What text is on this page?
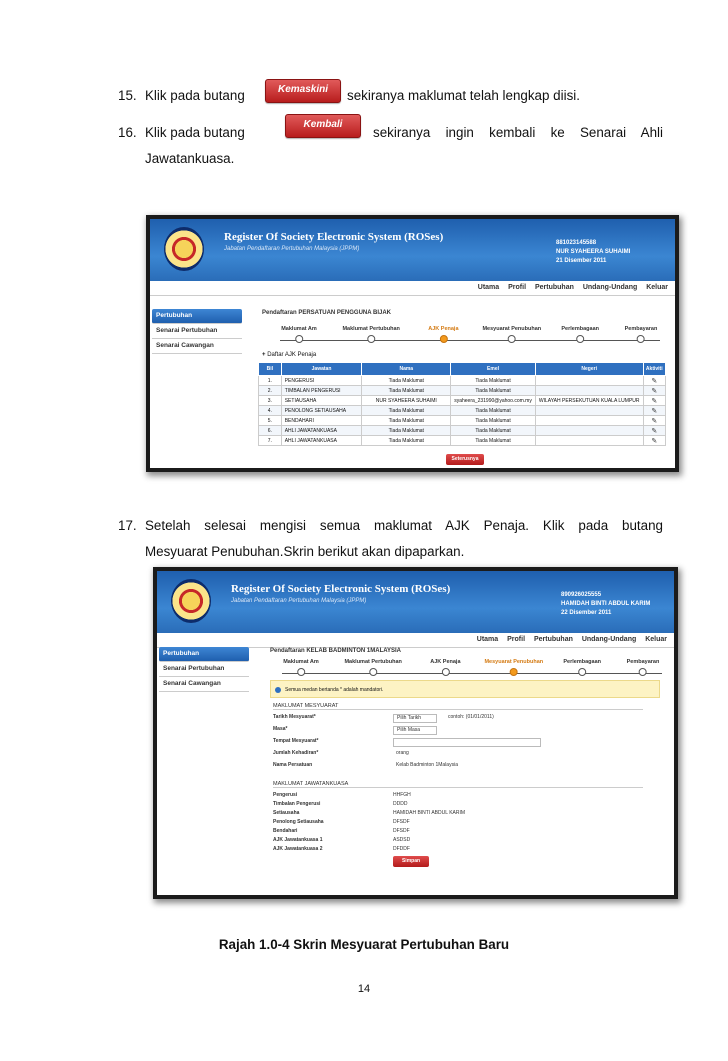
15. Klik pada butang	Kemaskini	sekiranya maklumat telah lengkap diisi.
16. Klik pada butang
Kembali
sekiranya ingin kembali ke Senarai Ahli
Jawatankuasa.
Register Of Society Electronic System (ROSes)
Jabatan Pendaftaran Pertubuhan Malaysia (JPPM)
881023145588
NUR SYAHEERA SUHAIMI
21 Disember 2011
Utama Profil Pertubuhan Undang-Undang Keluar
Pertubuhan
Senarai Pertubuhan
Senarai Cawangan
Pendaftaran PERSATUAN PENGGUNA BIJAK
Maklumat Am	Maklumat Pertubuhan	AJK Penaja	Mesyuarat Penubuhan	Perlembagaan	Pembayaran
+ Daftar AJK Penaja
Bil	Jawatan	Nama	Emel	Negeri	Aktiviti
1.	PENGERUSI	Tiada Maklumat	Tiada Maklumat		✎
2.	TIMBALAN PENGERUSI	Tiada Maklumat	Tiada Maklumat		✎
3.	SETIAUSAHA	NUR SYAHEERA SUHAIMI	syaheera_231990@yahoo.com.my	WILAYAH PERSEKUTUAN KUALA LUMPUR	✎
4.	PENOLONG SETIAUSAHA	Tiada Maklumat	Tiada Maklumat		✎
5.	BENDAHARI	Tiada Maklumat	Tiada Maklumat		✎
6.	AHLI JAWATANKUASA	Tiada Maklumat	Tiada Maklumat		✎
7.	AHLI JAWATANKUASA	Tiada Maklumat	Tiada Maklumat		✎
Seterusnya
17. Setelah selesai mengisi semua maklumat AJK Penaja. Klik pada butang
Mesyuarat Penubuhan.Skrin berikut akan dipaparkan.
Register Of Society Electronic System (ROSes)
Jabatan Pendaftaran Pertubuhan Malaysia (JPPM)
890926025555
HAMIDAH BINTI ABDUL KARIM
22 Disember 2011
Utama Profil Pertubuhan Undang-Undang Keluar
Pertubuhan
Senarai Pertubuhan
Senarai Cawangan
Pendaftaran KELAB BADMINTON 1MALAYSIA
Maklumat Am	Maklumat Pertubuhan	AJK Penaja	Mesyuarat Penubuhan	Perlembagaan	Pembayaran
Semua medan bertanda * adalah mandatori.
MAKLUMAT MESYUARAT
Tarikh Mesyuarat*	Pilih Tarikh	contoh: (01/01/2011)
Masa*	Pilih Masa
Tempat Mesyuarat*
Jumlah Kehadiran*	orang
Nama Persatuan	Kelab Badminton 1Malaysia
MAKLUMAT JAWATANKUASA
Pengerusi	HHFGH
Timbalan Pengerusi	DDDD
Setiausaha	HAMIDAH BINTI ABDUL KARIM
Penolong Setiausaha	DFSDF
Bendahari	DFSDF
AJK Jawatankuasa 1	ASDSD
AJK Jawatankuasa 2	DFDDF
Simpan
Rajah 1.0-4 Skrin Mesyuarat Pertubuhan Baru
14
